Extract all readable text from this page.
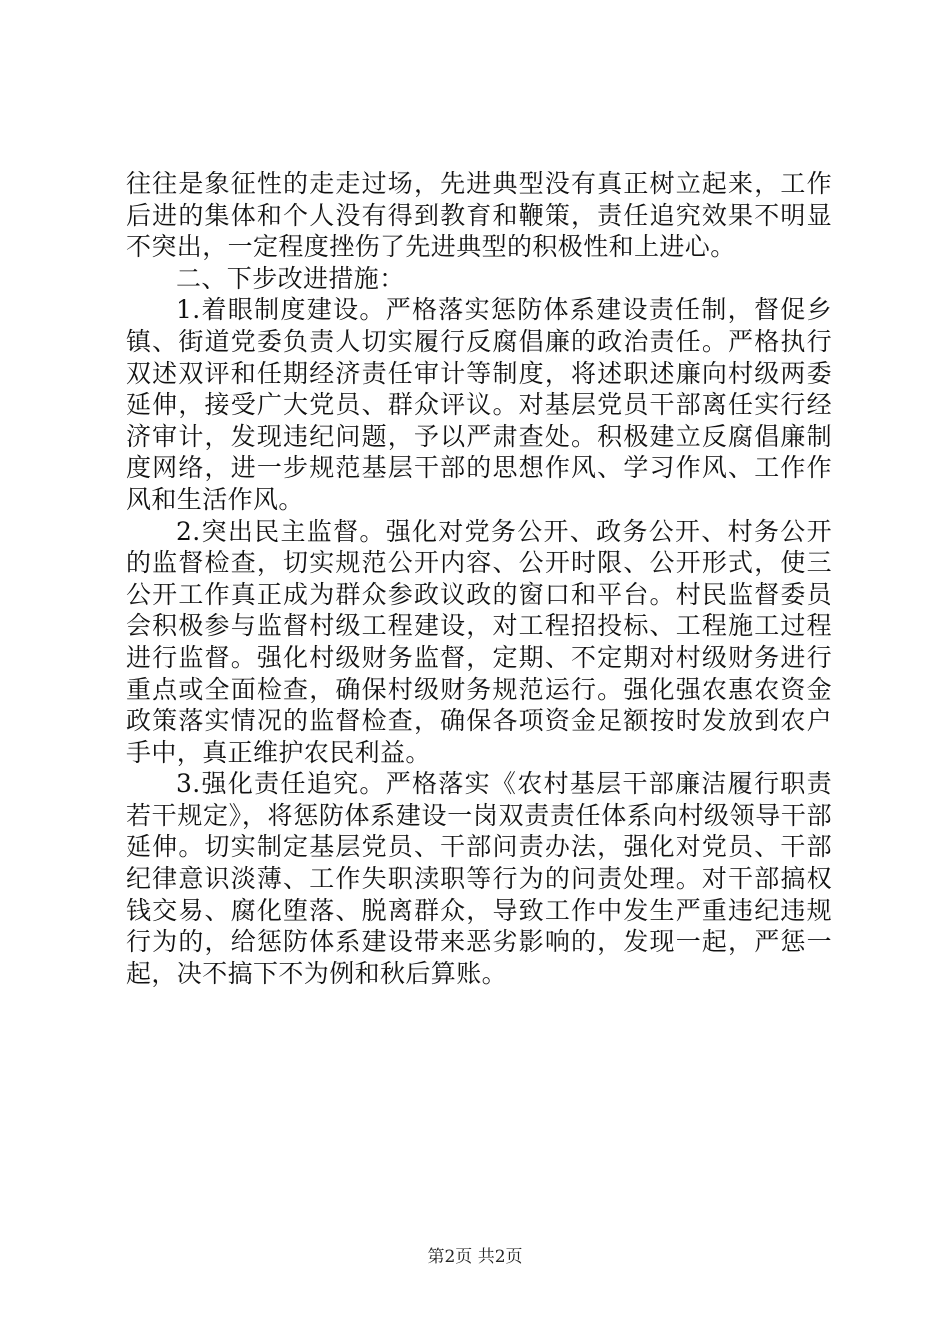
往往是象征性的走走过场，先进典型没有真正树立起来，工作后进的集体和个人没有得到教育和鞭策，责任追究效果不明显不突出，一定程度挫伤了先进典型的积极性和上进心。

二、下步改进措施：

1.着眼制度建设。严格落实惩防体系建设责任制，督促乡镇、街道党委负责人切实履行反腐倡廉的政治责任。严格执行双述双评和任期经济责任审计等制度，将述职述廉向村级两委延伸，接受广大党员、群众评议。对基层党员干部离任实行经济审计，发现违纪问题，予以严肃查处。积极建立反腐倡廉制度网络，进一步规范基层干部的思想作风、学习作风、工作作风和生活作风。

2.突出民主监督。强化对党务公开、政务公开、村务公开的监督检查，切实规范公开内容、公开时限、公开形式，使三公开工作真正成为群众参政议政的窗口和平台。村民监督委员会积极参与监督村级工程建设，对工程招投标、工程施工过程进行监督。强化村级财务监督，定期、不定期对村级财务进行重点或全面检查，确保村级财务规范运行。强化强农惠农资金政策落实情况的监督检查，确保各项资金足额按时发放到农户手中，真正维护农民利益。

3.强化责任追究。严格落实《农村基层干部廉洁履行职责若干规定》，将惩防体系建设一岗双责责任体系向村级领导干部延伸。切实制定基层党员、干部问责办法，强化对党员、干部纪律意识淡薄、工作失职渎职等行为的问责处理。对干部搞权钱交易、腐化堕落、脱离群众，导致工作中发生严重违纪违规行为的，给惩防体系建设带来恶劣影响的，发现一起，严惩一起，决不搞下不为例和秋后算账。

第2页 共2页
